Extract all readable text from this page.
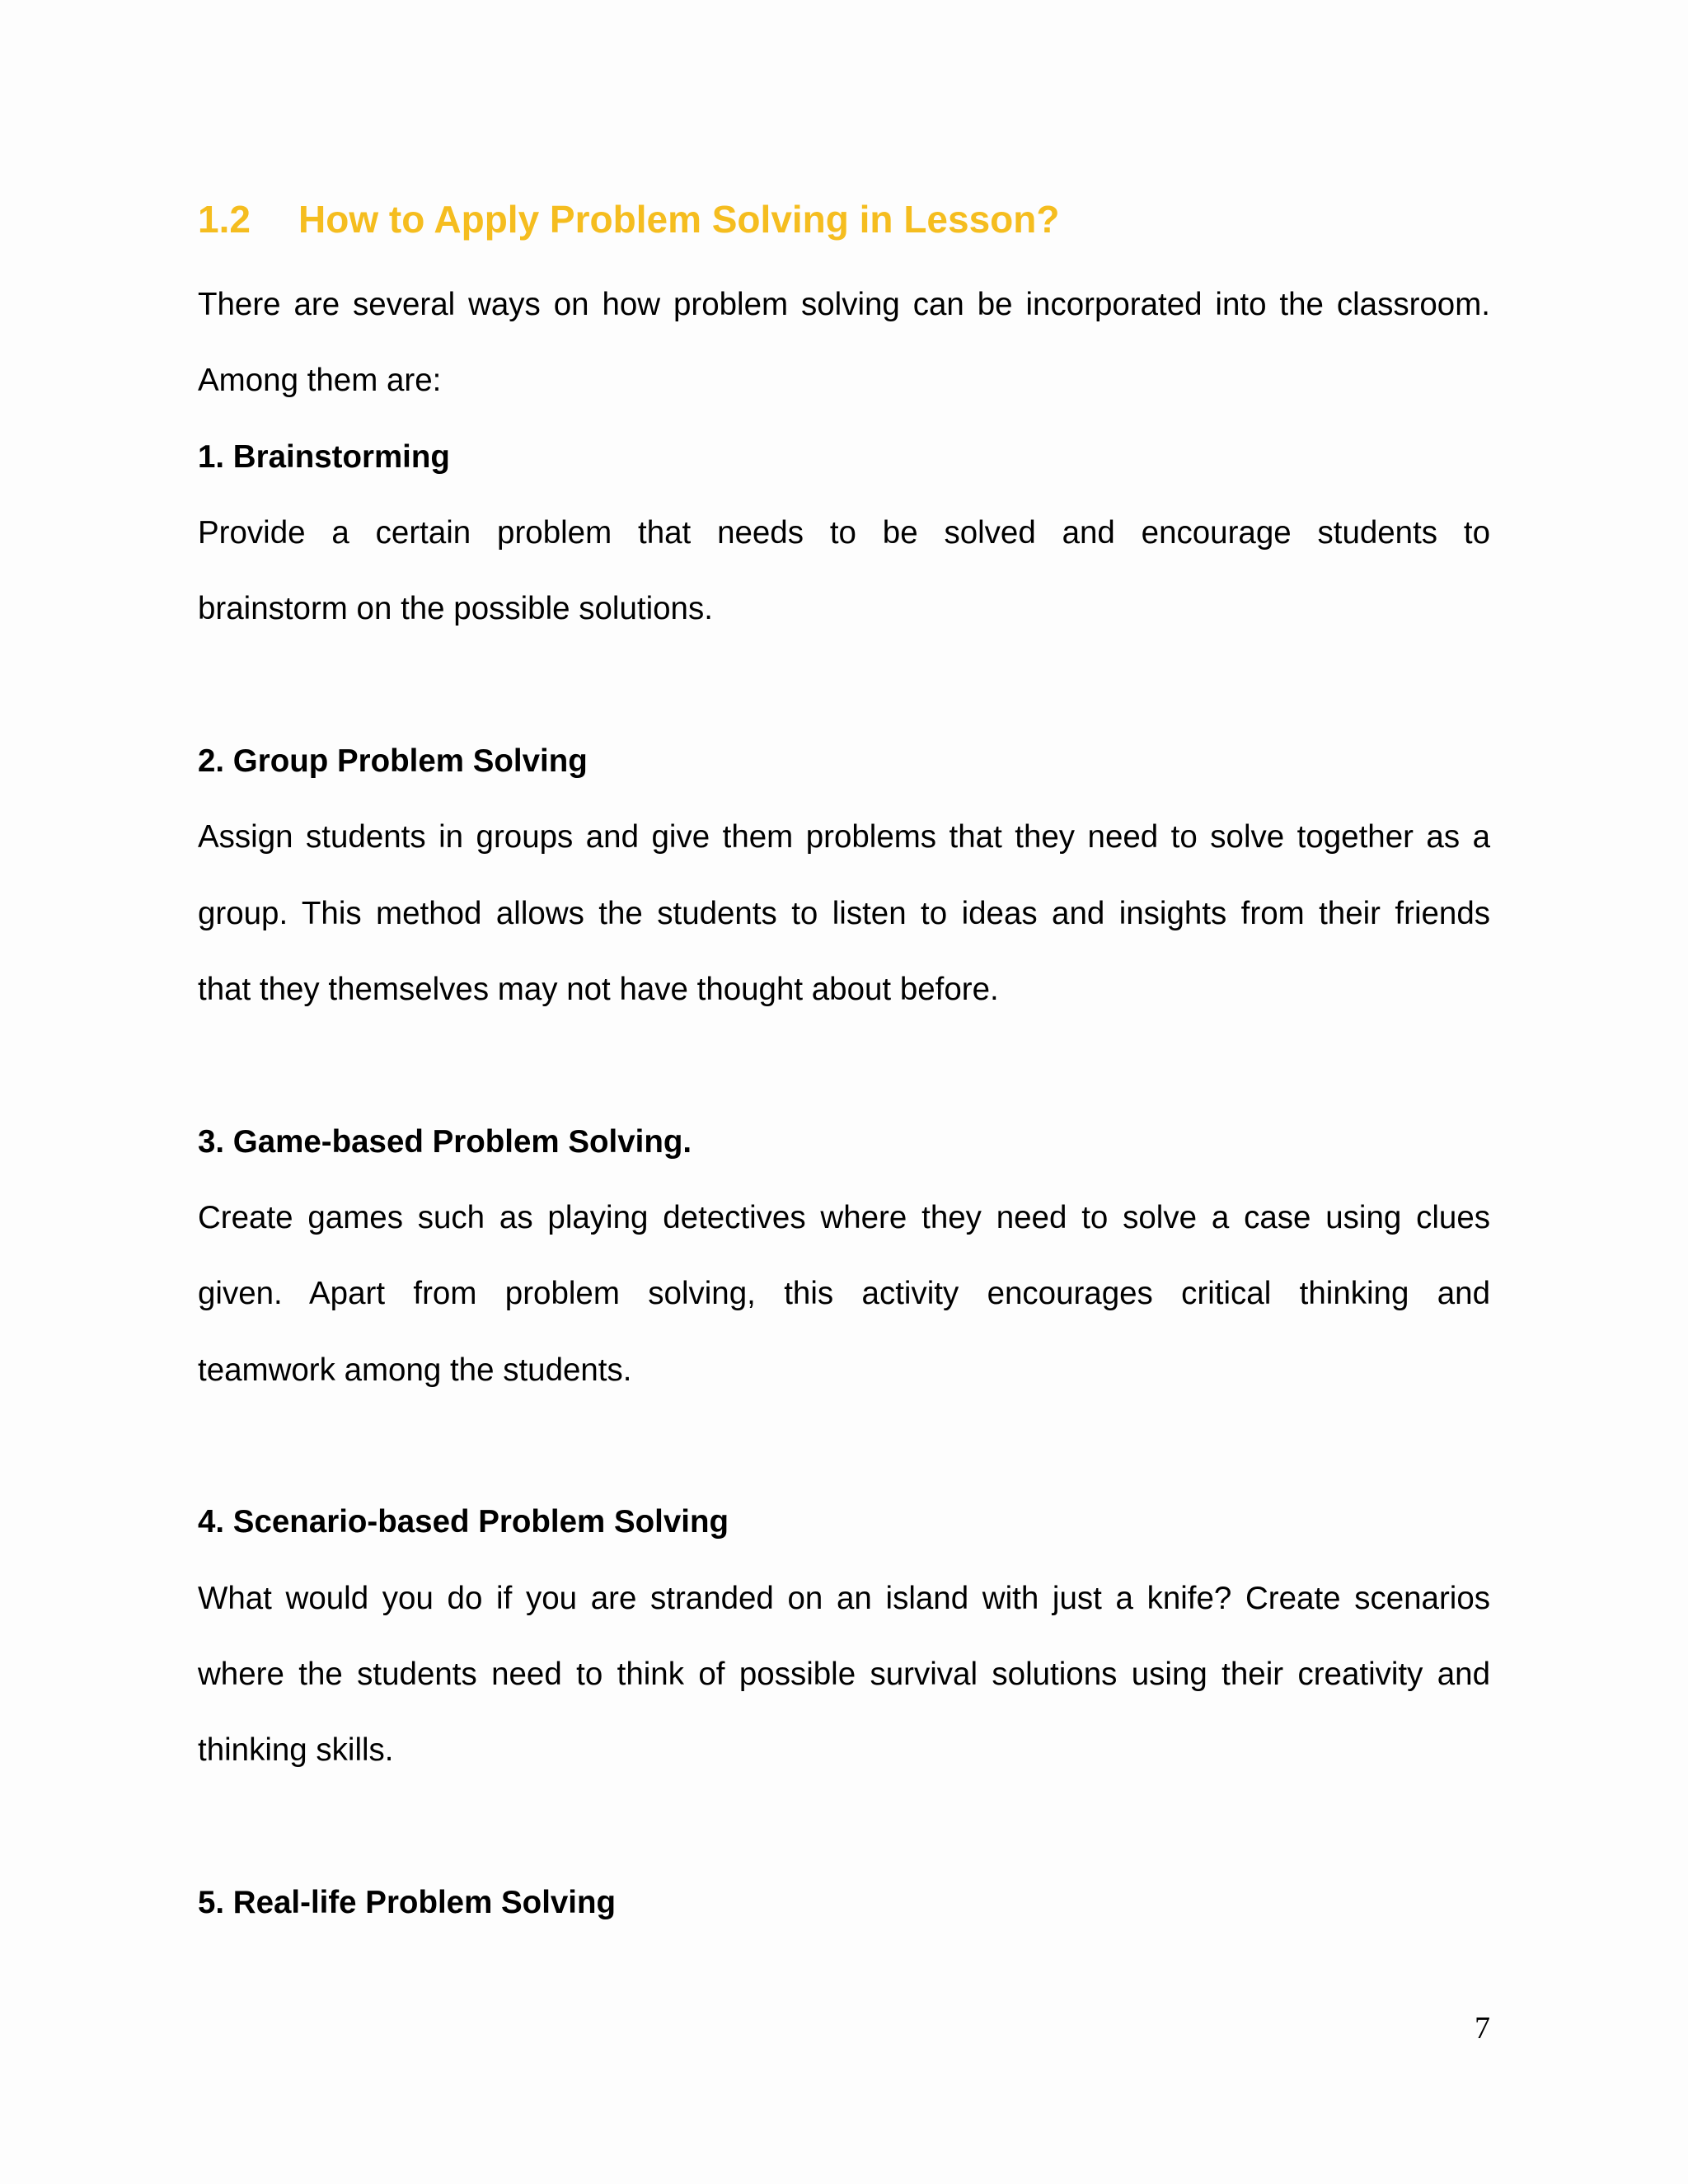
1.2 How to Apply Problem Solving in Lesson?
There are several ways on how problem solving can be incorporated into the classroom.
Among them are:
1. Brainstorming
Provide a certain problem that needs to be solved and encourage students to
brainstorm on the possible solutions.
2. Group Problem Solving
Assign students in groups and give them problems that they need to solve together as a
group. This method allows the students to listen to ideas and insights from their friends
that they themselves may not have thought about before.
3. Game-based Problem Solving.
Create games such as playing detectives where they need to solve a case using clues
given. Apart from problem solving, this activity encourages critical thinking and
teamwork among the students.
4. Scenario-based Problem Solving
What would you do if you are stranded on an island with just a knife? Create scenarios
where the students need to think of possible survival solutions using their creativity and
thinking skills.
5. Real-life Problem Solving
7
